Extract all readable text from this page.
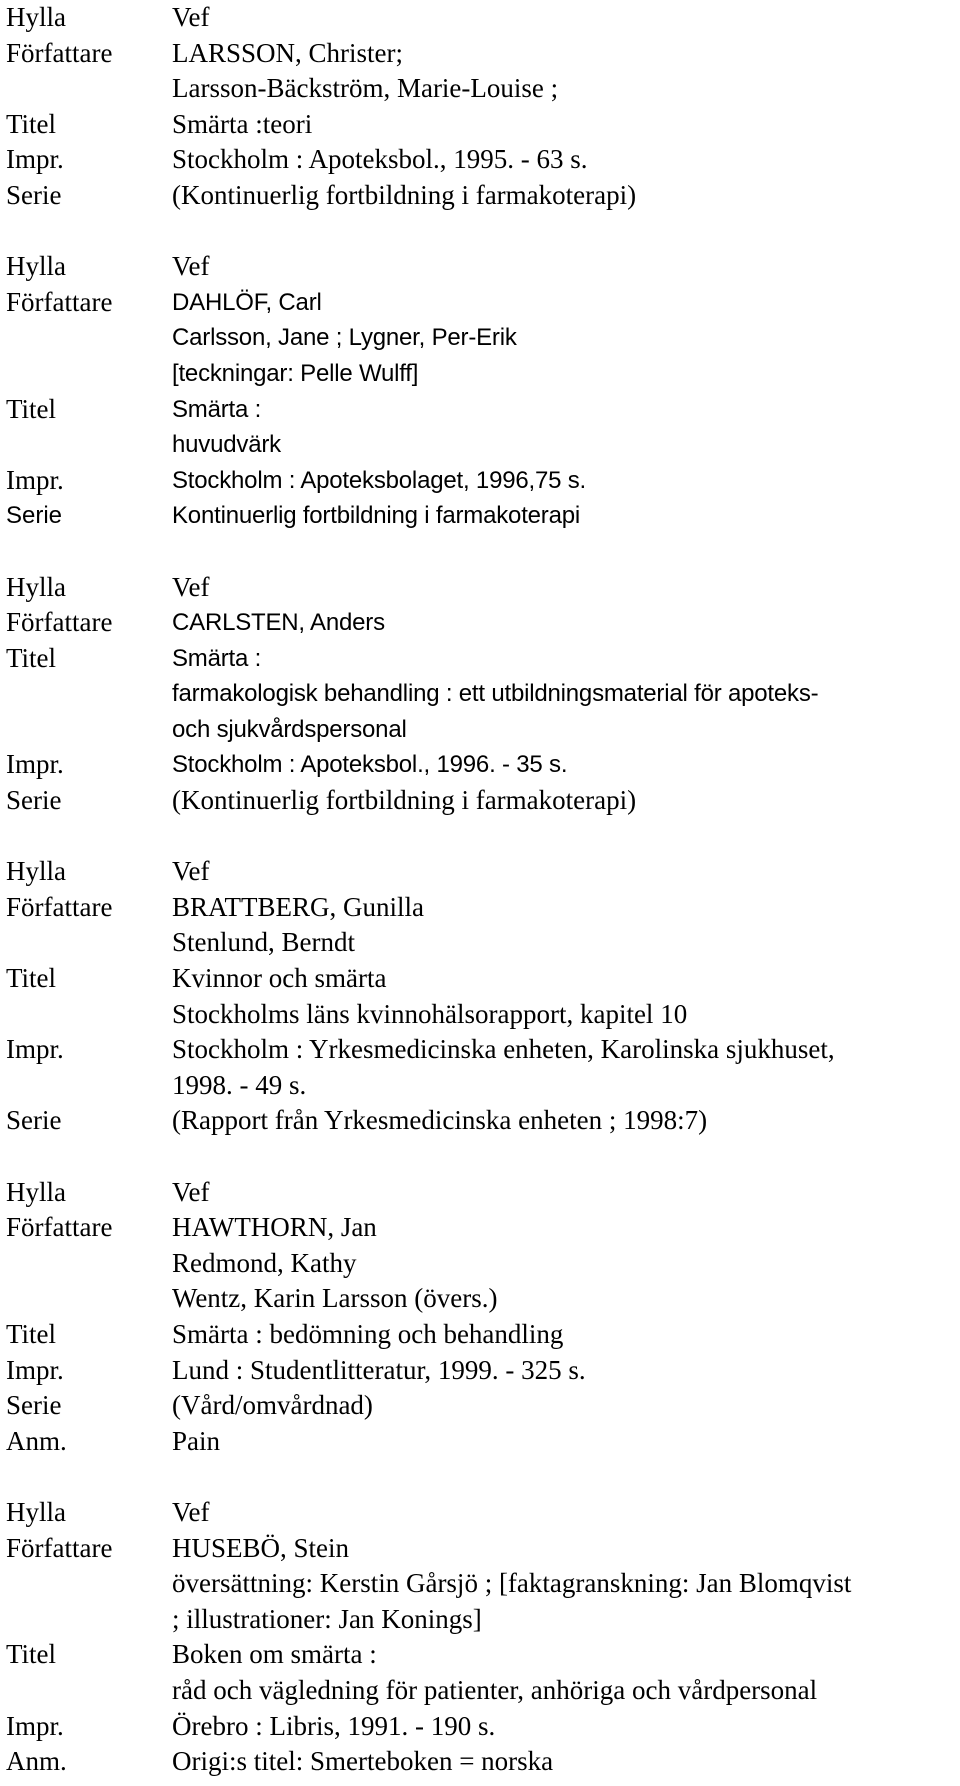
Hylla	Vef
Författare LARSSON, Christer;
Larsson-Bäckström, Marie-Louise ;
Titel	Smärta :teori
Impr.	Stockholm : Apoteksbol., 1995. - 63 s.
Serie	(Kontinuerlig fortbildning i farmakoterapi)
Hylla	Vef
Författare DAHLÖF, Carl
Carlsson, Jane ; Lygner, Per-Erik
[teckningar: Pelle Wulff]
Titel	Smärta :
huvudvärk
Impr.	Stockholm : Apoteksbolaget, 1996,75 s.
Serie	Kontinuerlig fortbildning i farmakoterapi
Hylla	Vef
Författare CARLSTEN, Anders
Titel	Smärta :
farmakologisk behandling : ett utbildningsmaterial för apoteks-
och sjukvårdspersonal
Impr.	Stockholm : Apoteksbol., 1996. - 35 s.
Serie	(Kontinuerlig fortbildning i farmakoterapi)
Hylla	Vef
Författare BRATTBERG, Gunilla
Stenlund, Berndt
Titel	Kvinnor och smärta
Stockholms läns kvinnohälsorapport, kapitel 10
Impr.	Stockholm : Yrkesmedicinska enheten, Karolinska sjukhuset,
1998. - 49 s.
Serie	(Rapport från Yrkesmedicinska enheten ; 1998:7)
Hylla	Vef
Författare HAWTHORN, Jan
Redmond, Kathy
Wentz, Karin Larsson (övers.)
Titel	Smärta : bedömning och behandling
Impr.	Lund : Studentlitteratur, 1999. - 325 s.
Serie	(Vård/omvårdnad)
Anm.	Pain
Hylla	Vef
Författare HUSEBÖ, Stein
översättning: Kerstin Gårsjö ; [faktagranskning: Jan Blomqvist
; illustrationer: Jan Konings]
Titel	Boken om smärta :
råd och vägledning för patienter, anhöriga och vårdpersonal
Impr.	Örebro : Libris, 1991. - 190 s.
Anm.	Origi:s titel: Smerteboken = norska
